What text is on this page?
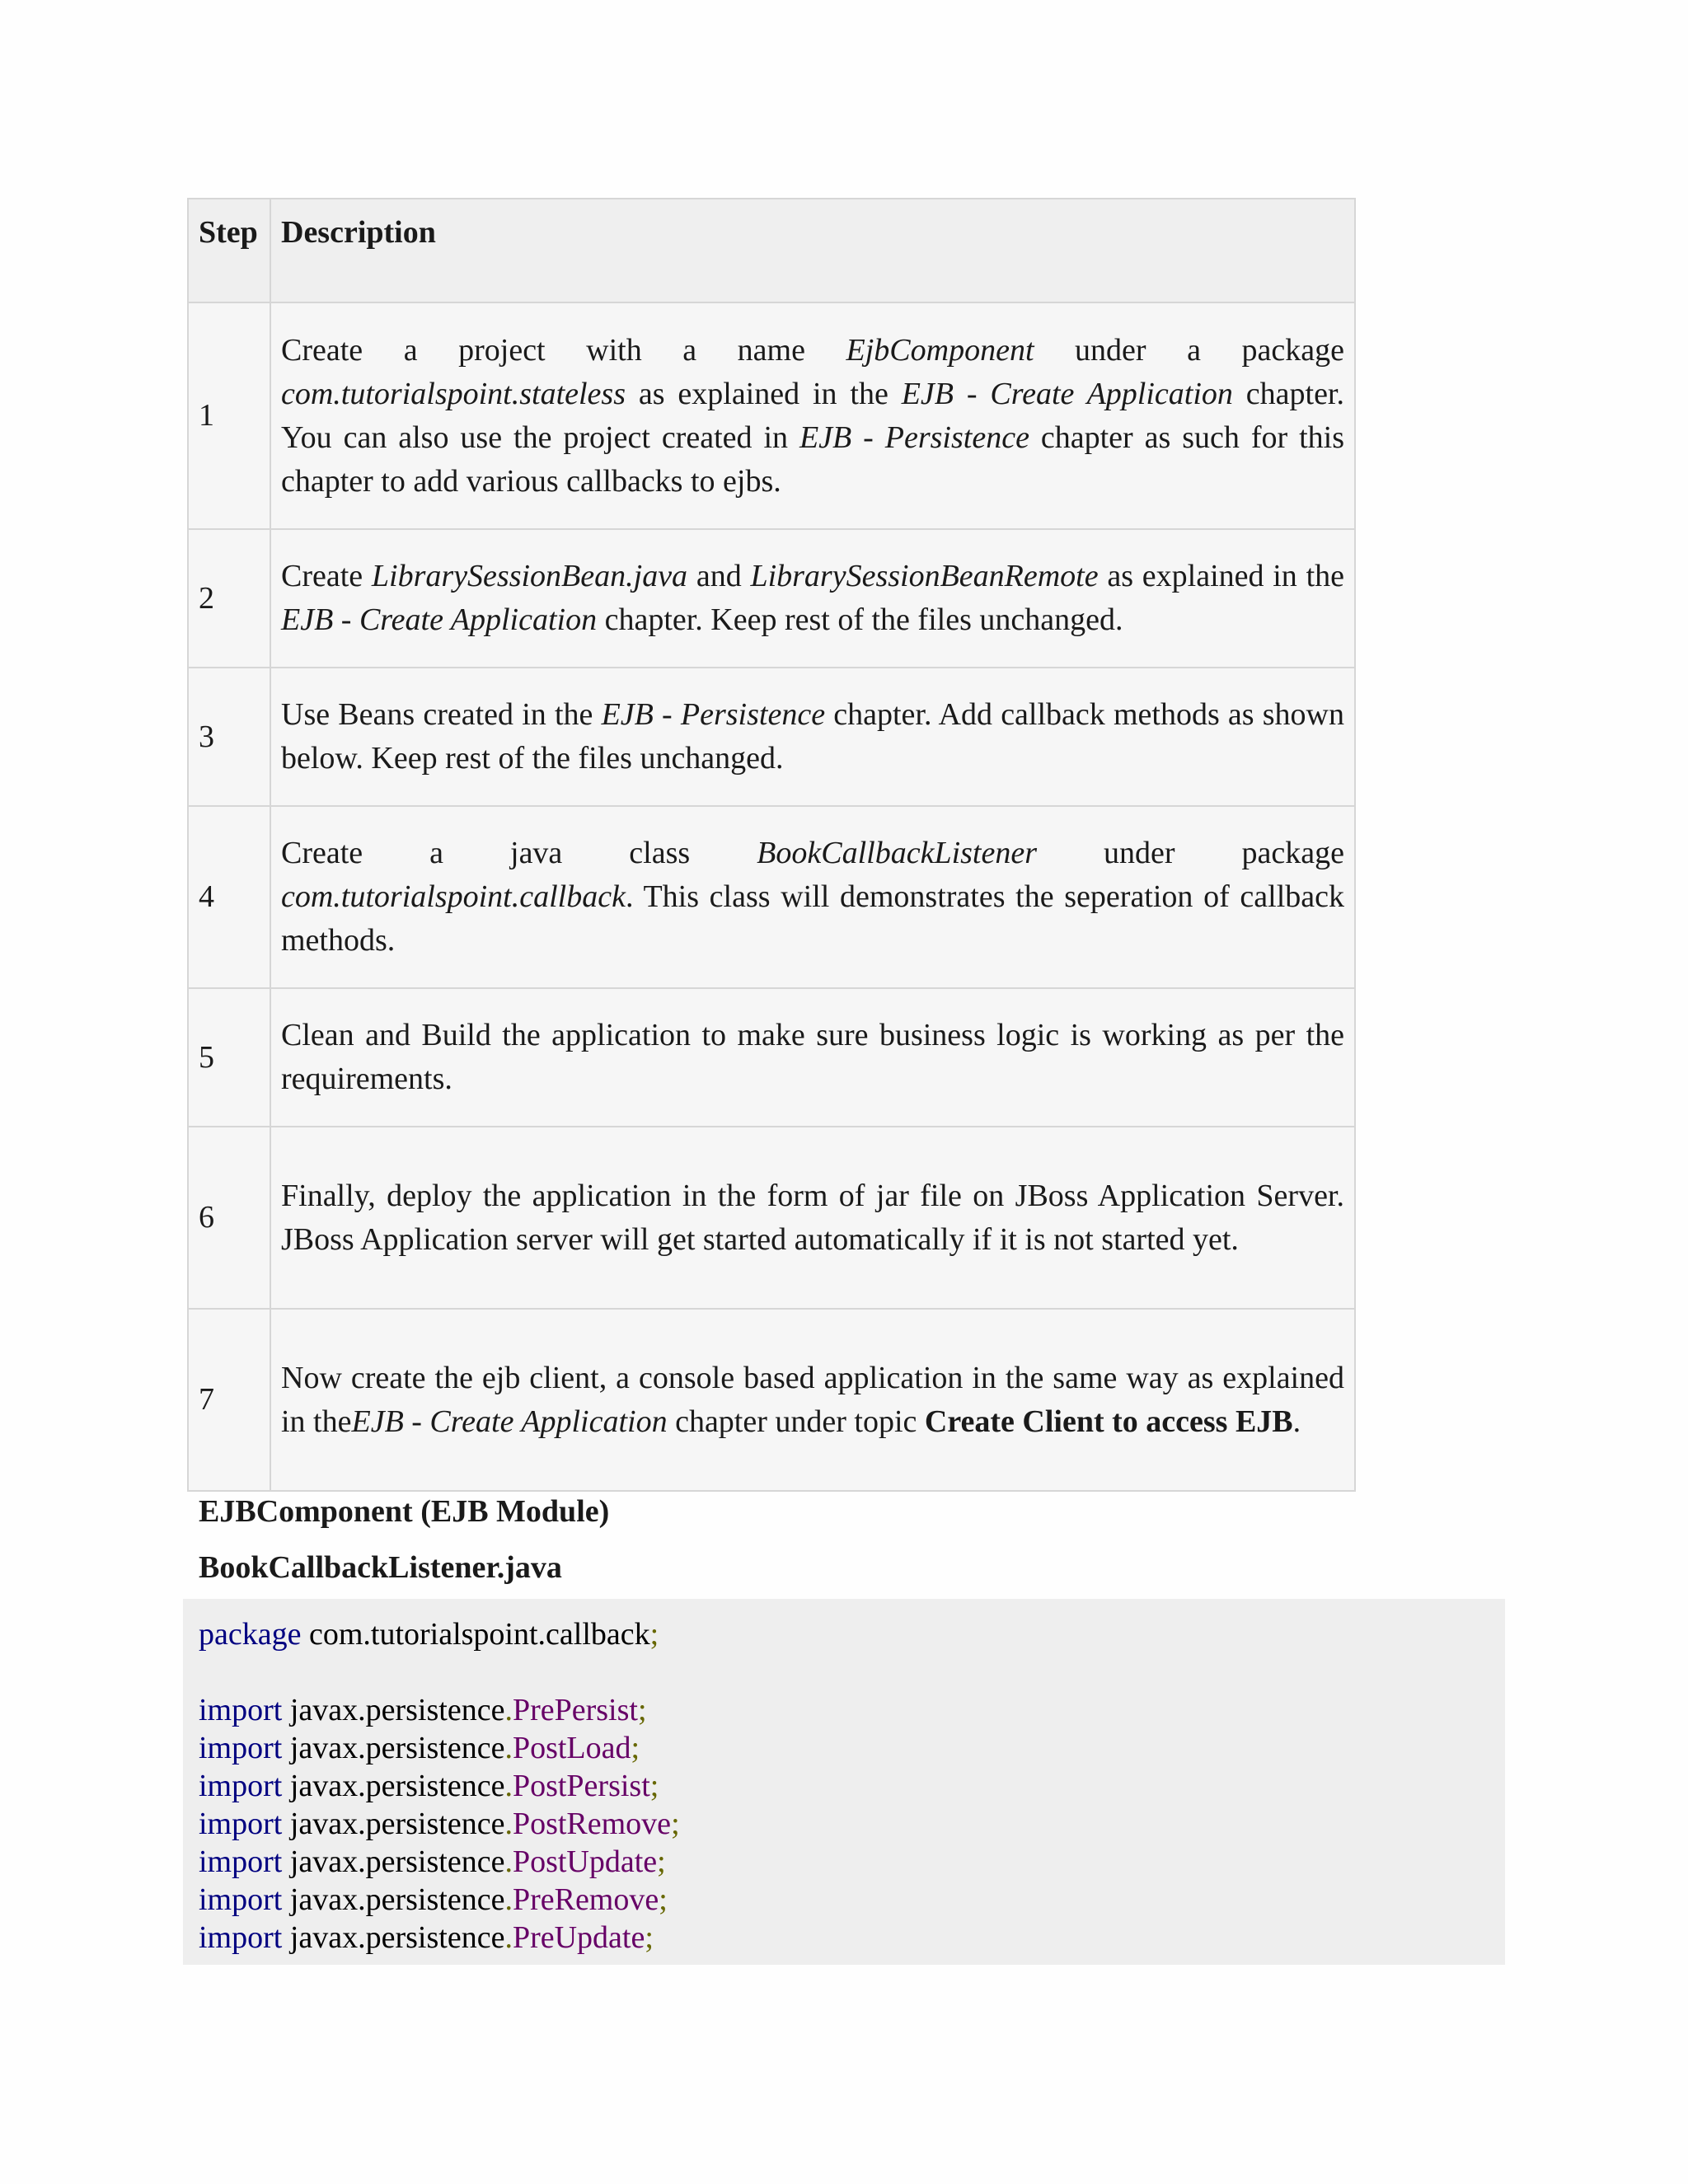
Step	Description
1	Create a project with a name EjbComponent under a package com.tutorialspoint.stateless as explained in the EJB - Create Application chapter. You can also use the project created in EJB - Persistence chapter as such for this chapter to add various callbacks to ejbs.
2	Create LibrarySessionBean.java and LibrarySessionBeanRemote as explained in the EJB - Create Application chapter. Keep rest of the files unchanged.
3	Use Beans created in the EJB - Persistence chapter. Add callback methods as shown below. Keep rest of the files unchanged.
4	Create a java class BookCallbackListener under package com.tutorialspoint.callback. This class will demonstrates the seperation of callback methods.
5	Clean and Build the application to make sure business logic is working as per the requirements.
6	Finally, deploy the application in the form of jar file on JBoss Application Server. JBoss Application server will get started automatically if it is not started yet.
7	Now create the ejb client, a console based application in the same way as explained in theEJB - Create Application chapter under topic Create Client to access EJB.
EJBComponent (EJB Module)
BookCallbackListener.java
package com.tutorialspoint.callback;
import javax.persistence.PrePersist;
import javax.persistence.PostLoad;
import javax.persistence.PostPersist;
import javax.persistence.PostRemove;
import javax.persistence.PostUpdate;
import javax.persistence.PreRemove;
import javax.persistence.PreUpdate;
